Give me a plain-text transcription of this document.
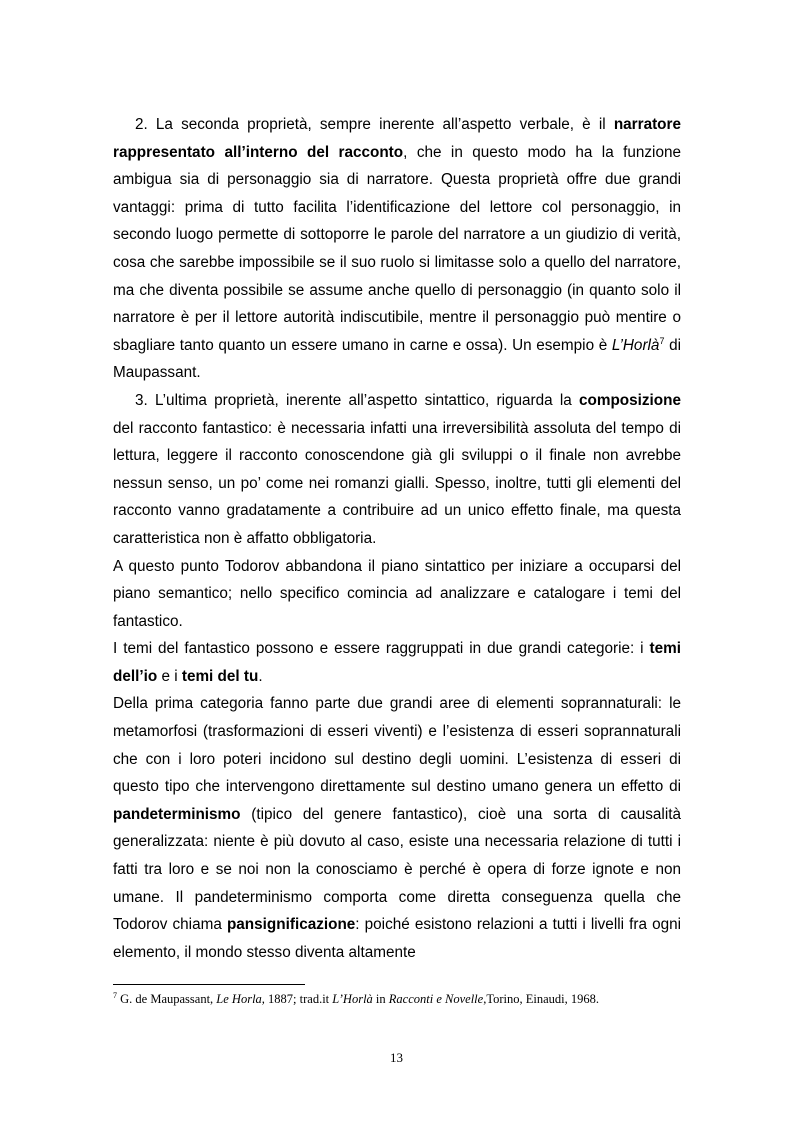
2. La seconda proprietà, sempre inerente all’aspetto verbale, è il narratore rappresentato all’interno del racconto, che in questo modo ha la funzione ambigua sia di personaggio sia di narratore. Questa proprietà offre due grandi vantaggi: prima di tutto facilita l’identificazione del lettore col personaggio, in secondo luogo permette di sottoporre le parole del narratore a un giudizio di verità, cosa che sarebbe impossibile se il suo ruolo si limitasse solo a quello del narratore, ma che diventa possibile se assume anche quello di personaggio (in quanto solo il narratore è per il lettore autorità indiscutibile, mentre il personaggio può mentire o sbagliare tanto quanto un essere umano in carne e ossa). Un esempio è L’Horlà$^7$ di Maupassant.

3. L’ultima proprietà, inerente all’aspetto sintattico, riguarda la composizione del racconto fantastico: è necessaria infatti una irreversibilità assoluta del tempo di lettura, leggere il racconto conoscendone già gli sviluppi o il finale non avrebbe nessun senso, un po’ come nei romanzi gialli. Spesso, inoltre, tutti gli elementi del racconto vanno gradatamente a contribuire ad un unico effetto finale, ma questa caratteristica non è affatto obbligatoria.

A questo punto Todorov abbandona il piano sintattico per iniziare a occuparsi del piano semantico; nello specifico comincia ad analizzare e catalogare i temi del fantastico.

I temi del fantastico possono e essere raggruppati in due grandi categorie: i temi dell’io e i temi del tu.

Della prima categoria fanno parte due grandi aree di elementi soprannaturali: le metamorfosi (trasformazioni di esseri viventi) e l’esistenza di esseri soprannaturali che con i loro poteri incidono sul destino degli uomini. L’esistenza di esseri di questo tipo che intervengono direttamente sul destino umano genera un effetto di pandeterminismo (tipico del genere fantastico), cioè una sorta di causalità generalizzata: niente è più dovuto al caso, esiste una necessaria relazione di tutti i fatti tra loro e se noi non la conosciamo è perché è opera di forze ignote e non umane. Il pandeterminismo comporta come diretta conseguenza quella che Todorov chiama pansignificazione: poiché esistono relazioni a tutti i livelli fra ogni elemento, il mondo stesso diventa altamente

$^7$ G. de Maupassant, Le Horla, 1887; trad.it L’Horlà in Racconti e Novelle,Torino, Einaudi, 1968.
13
